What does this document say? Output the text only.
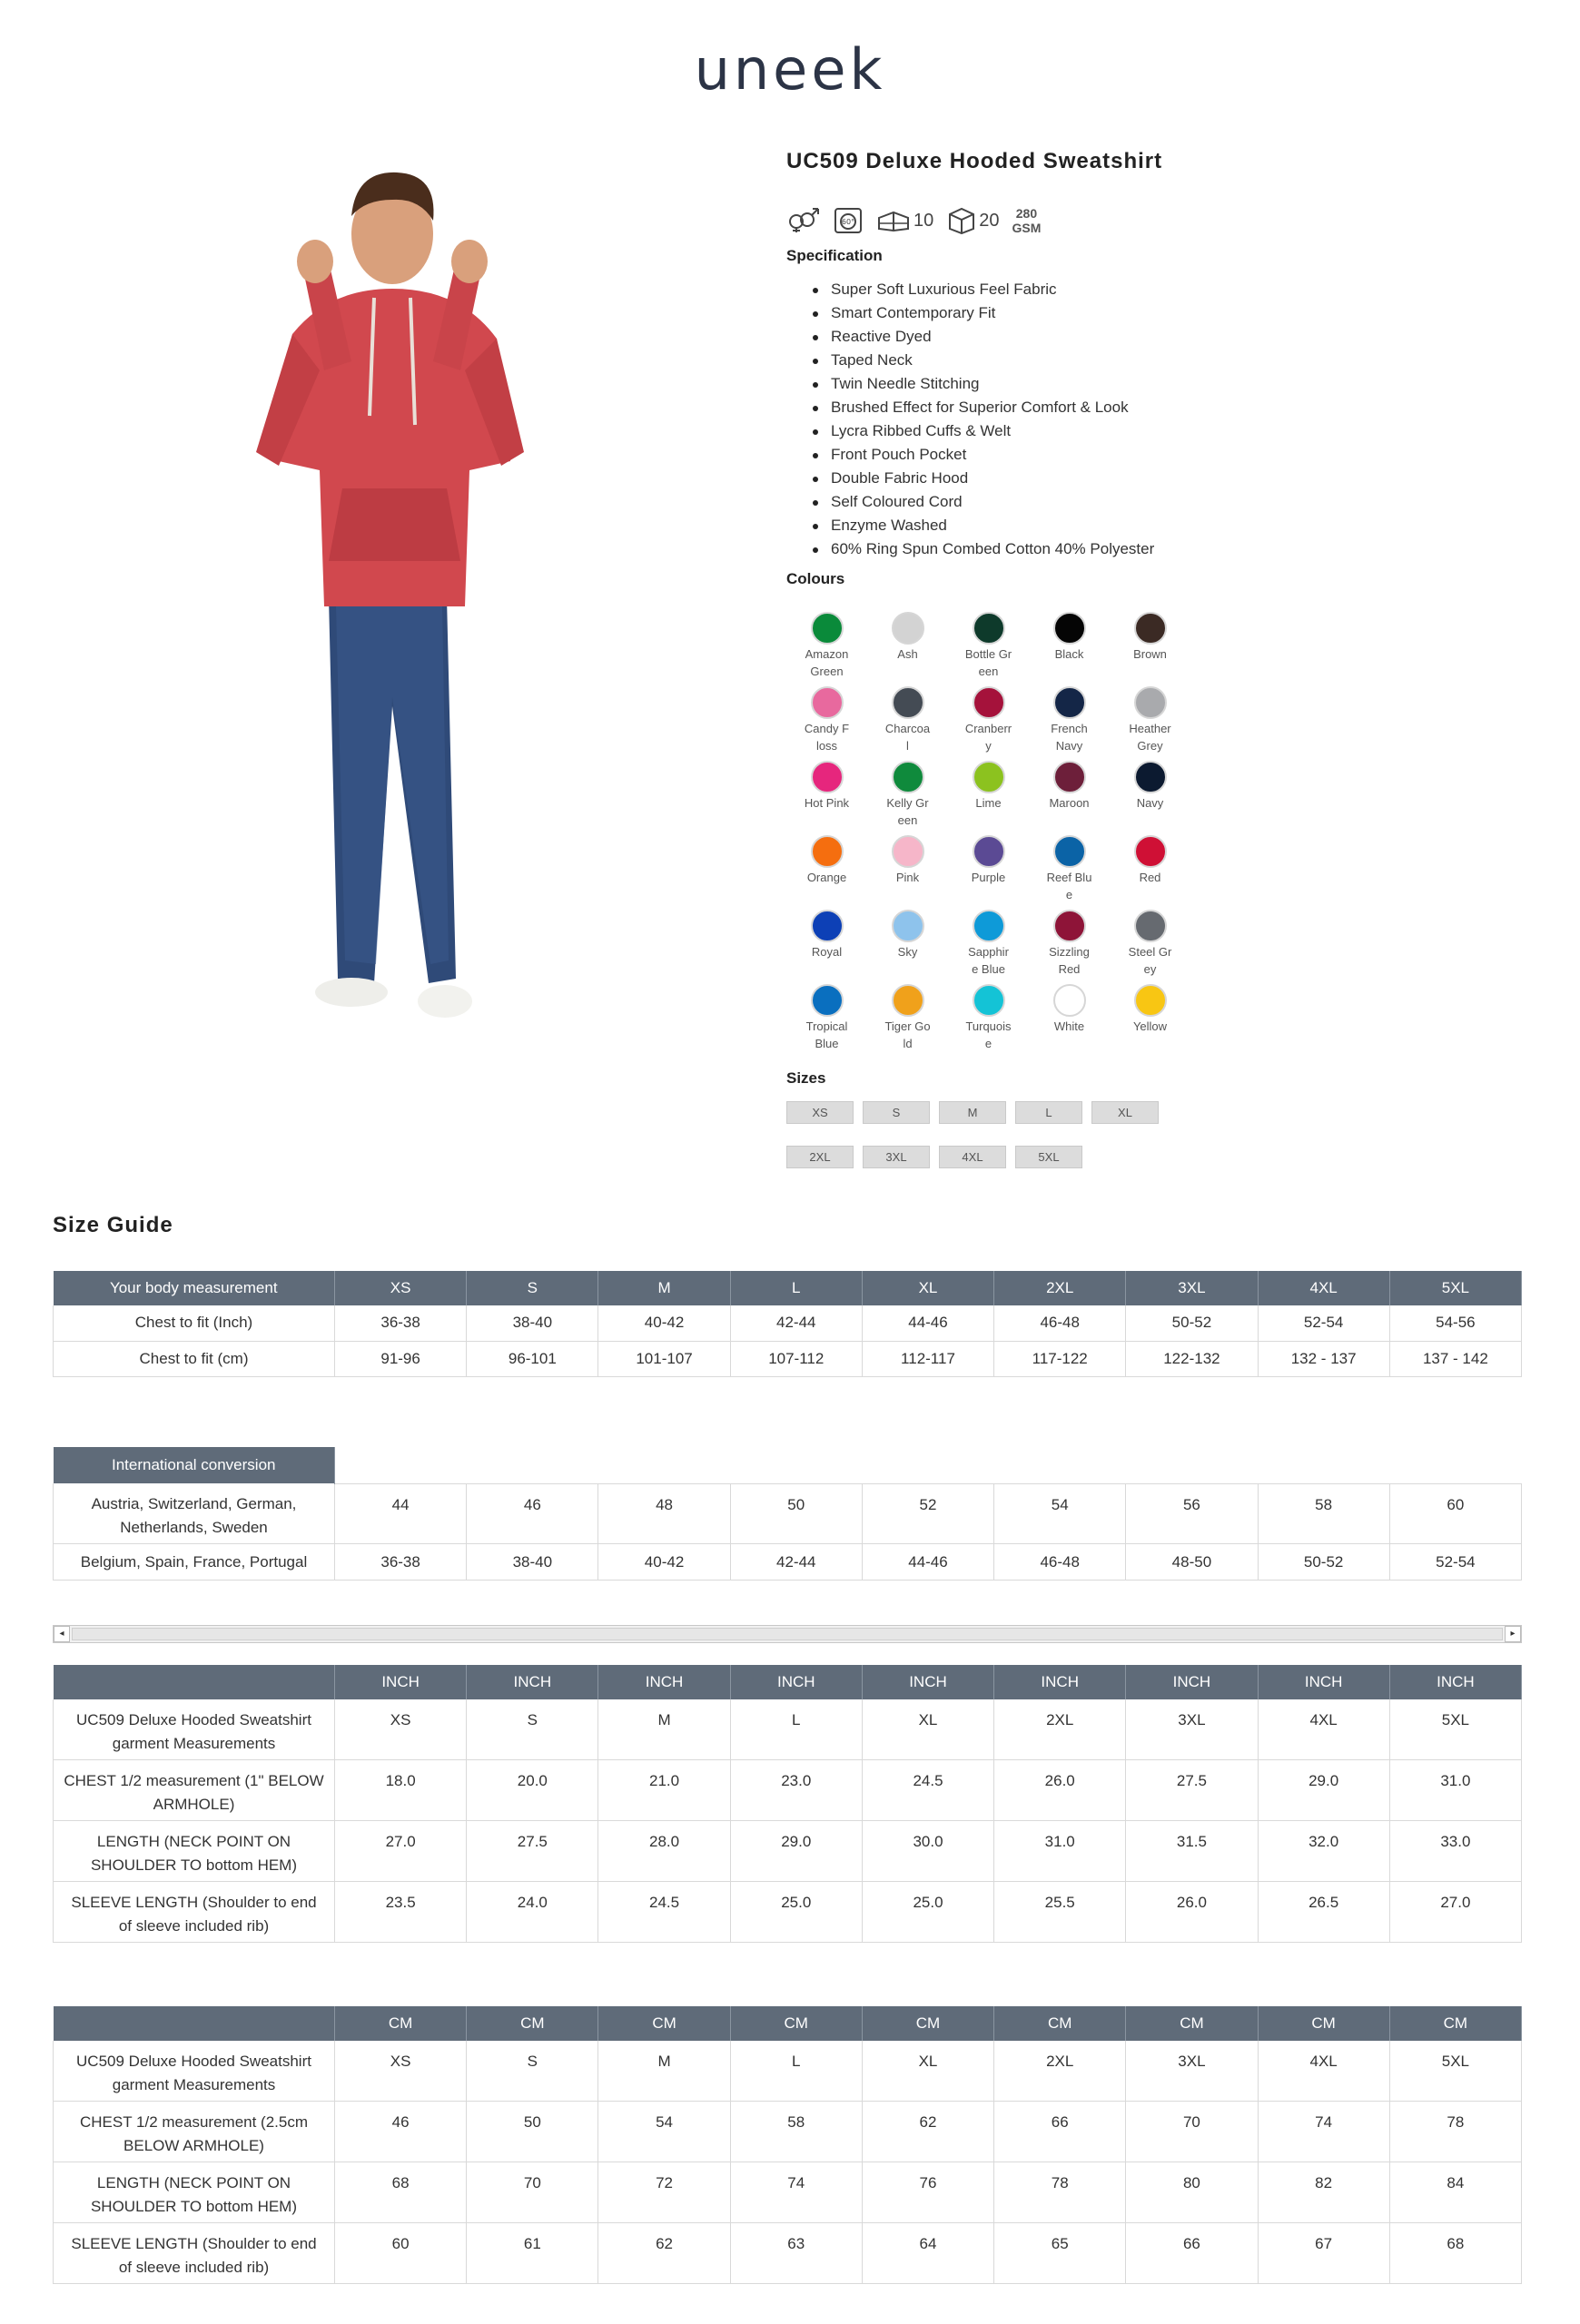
uneek
UC509 Deluxe Hooded Sweatshirt
60°	10	20 280
GSM
Specification
Super Soft Luxurious Feel Fabric
Smart Contemporary Fit
Reactive Dyed
Taped Neck
Twin Needle Stitching
Brushed Effect for Superior Comfort & Look
Lycra Ribbed Cuffs & Welt
Front Pouch Pocket
Double Fabric Hood
Self Coloured Cord
Enzyme Washed
60% Ring Spun Combed Cotton 40% Polyester
Colours
Amazon Green
Ash	Bottle Green
Black	Brown
Candy Floss
Charcoal
Cranberry
French Navy
Heather Grey
Hot Pink	Kelly Green
Lime	Maroon	Navy
Orange	Pink	Purple	Reef Blue
Red
Royal	Sky	Sapphire Blue
Sizzling Red
Steel Grey
Tropical Blue
Tiger Gold
Turquoise
White	Yellow
Sizes
XS	S	M	L	XL
2XL	3XL	4XL	5XL
Size Guide
Your body measurement	XS	S	M	L	XL	2XL	3XL	4XL	5XL
Chest to fit (Inch)	36-38	38-40	40-42	42-44	44-46	46-48	50-52	52-54	54-56
Chest to fit (cm)	91-96	96-101	101-107	107-112	112-117	117-122	122-132	132 - 137	137 - 142
International conversion									
Austria, Switzerland, German, Netherlands, Sweden	44	46	48	50	52	54	56	58	60
Belgium, Spain, France, Portugal	36-38	38-40	40-42	42-44	44-46	46-48	48-50	50-52	52-54
◂	▸
	INCH	INCH	INCH	INCH	INCH	INCH	INCH	INCH	INCH
UC509 Deluxe Hooded Sweatshirt garment Measurements	XS	S	M	L	XL	2XL	3XL	4XL	5XL
CHEST 1/2 measurement (1" BELOW ARMHOLE)	18.0	20.0	21.0	23.0	24.5	26.0	27.5	29.0	31.0
LENGTH (NECK POINT ON SHOULDER TO bottom HEM)	27.0	27.5	28.0	29.0	30.0	31.0	31.5	32.0	33.0
SLEEVE LENGTH (Shoulder to end of sleeve included rib)	23.5	24.0	24.5	25.0	25.0	25.5	26.0	26.5	27.0
	CM	CM	CM	CM	CM	CM	CM	CM	CM
UC509 Deluxe Hooded Sweatshirt garment Measurements	XS	S	M	L	XL	2XL	3XL	4XL	5XL
CHEST 1/2 measurement (2.5cm BELOW ARMHOLE)	46	50	54	58	62	66	70	74	78
LENGTH (NECK POINT ON SHOULDER TO bottom HEM)	68	70	72	74	76	78	80	82	84
SLEEVE LENGTH (Shoulder to end of sleeve included rib)	60	61	62	63	64	65	66	67	68
